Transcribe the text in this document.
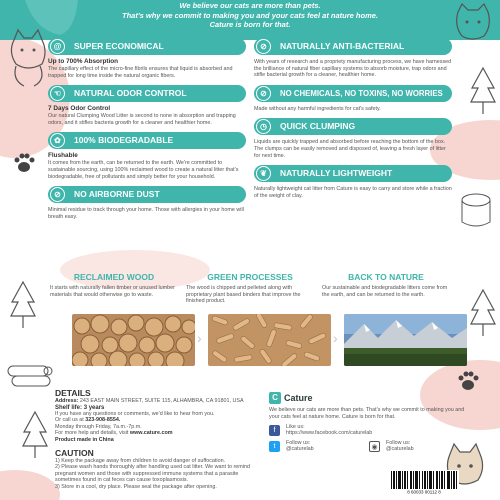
We believe our cats are more than pets.
That's why we commit to making you and your cats feel at nature home.
Cature is born for that.
@	SUPER ECONOMICAL
Up to 700% Absorption
The capillary effect of the micro-fine fibrils ensures that liquid is absorbed and trapped for long time inside the natural organic fibers.
☜	NATURAL ODOR CONTROL
7 Days Odor Control
Our natural Clumping Wood Litter is second to none in absorption and trapping odors, and it stifles bacteria growth for a cleaner and healthier home.
✿	100% BIODEGRADABLE
Flushable
It comes from the earth, can be returned to the earth. We're committed to sustainable sourcing, using 100% reclaimed wood to create a natural litter that's biodegradable, free of pollutants and simply better for your household.
⊘	NO AIRBORNE DUST
Minimal residue to track through your home. Those with allergies in your home will breath easy.
⊘	NATURALLY ANTI-BACTERIAL
With years of research and a propriety manufacturing process, we have harnessed the brilliance of natural fiber capillary systems to absorb moisture, trap odors and stifle bacterial growth for a cleaner, healthier home.
⊘	NO CHEMICALS, NO TOXINS, NO WORRIES
Made without any harmful ingredients for cat's safety.
◷	QUICK CLUMPING
Liquids are quickly trapped and absorbed before reaching the bottom of the box. The clumps can be easily removed and disposed of, leaving a fresh layer of litter for next time.
❦	NATURALLY LIGHTWEIGHT
Naturally lightweight cat litter from Cature is easy to carry and store while a fraction of the weight of clay.
RECLAIMED WOOD
It starts with naturally fallen timber or unused lumber materials that would otherwise go to waste.
GREEN PROCESSES
The wood is chipped and pelleted along with proprietary plant based binders that improve the finished product.
BACK TO NATURE
Our sustainable and biodegradable litters come from the earth, and can be returned to the earth.
›	›
DETAILS
Address: 243 EAST MAIN STREET, SUITE 115, ALHAMBRA, CA 91801, USA
Shelf life: 3 years
If you have any questions or comments, we'd like to hear from you.
Or call us at 323-908-8554.
Monday through Friday, 7a.m.-7p.m.
For more help and details, visit www.cature.com
Product made in China
CAUTION
1) Keep the package away from children to avoid danger of suffocation.
2) Please wash hands thoroughly after handling used cat litter. We want to remind pregnant women and those with suppressed immune systems that a parasite sometimes found in cat feces can cause toxoplasmosis.
3) Store in a cool, dry place. Please seal the package after opening.
C Cature
We believe our cats are more than pets. That's why we commit to making you and your cats feel at nature home. Cature is born for that.
f	Like us:
https://www.facebook.com/caturelab
t	Follow us:
@caturelab	◉
Follow us:
@caturelab
8 60033 00112 8
